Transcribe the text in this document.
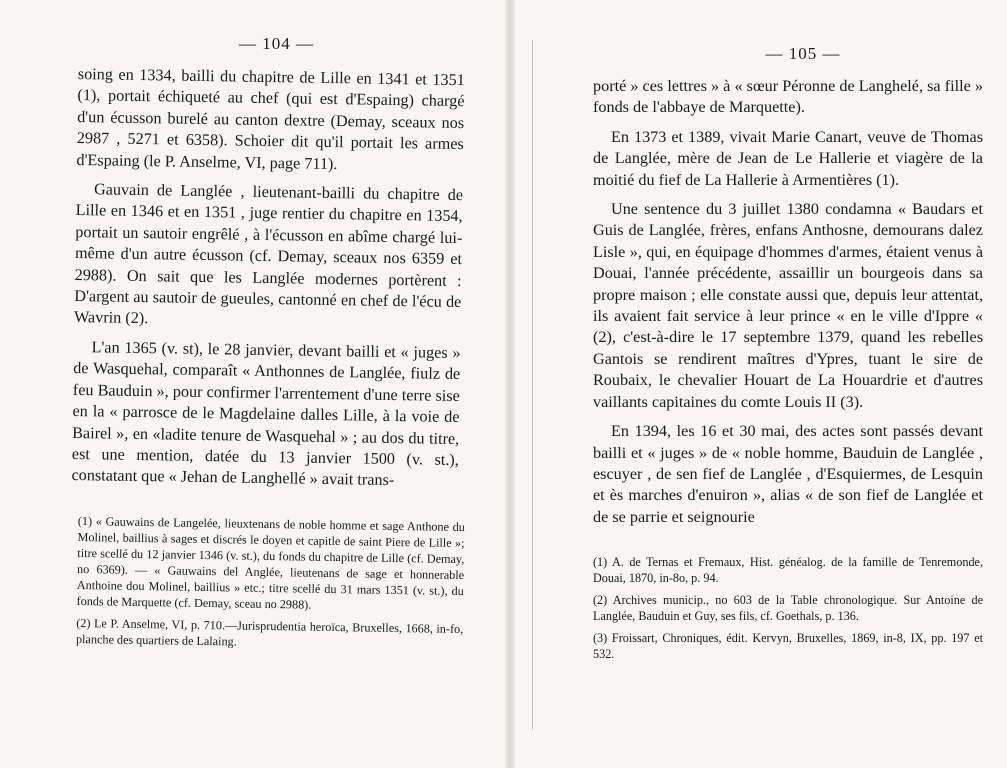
— 104 —

soing en 1334, bailli du chapitre de Lille en 1341 et 1351 (1), portait échiqueté au chef (qui est d'Espaing) chargé d'un écusson burelé au canton dextre (Demay, sceaux nos 2987 , 5271 et 6358). Schoier dit qu'il portait les armes d'Espaing (le P. Anselme, VI, page 711).

Gauvain de Langlée , lieutenant-bailli du chapitre de Lille en 1346 et en 1351 , juge rentier du chapitre en 1354, portait un sautoir engrêlé , à l'écusson en abîme chargé lui-même d'un autre écusson (cf. Demay, sceaux nos 6359 et 2988). On sait que les Langlée modernes portèrent : D'argent au sautoir de gueules, cantonné en chef de l'écu de Wavrin (2).

L'an 1365 (v. st), le 28 janvier, devant bailli et « juges » de Wasquehal, comparaît « Anthonnes de Langlée, fiulz de feu Bauduin », pour confirmer l'arrentement d'une terre sise en la « parrosce de le Magdelaine dalles Lille, à la voie de Bairel », en «ladite tenure de Wasquehal » ; au dos du titre, est une mention, datée du 13 janvier 1500 (v. st.), constatant que « Jehan de Langhellé » avait trans-

(1) « Gauwains de Langelée, lieuxtenans de noble homme et sage Anthone du Molinel, baillius à sages et discrés le doyen et capitle de saint Piere de Lille »; titre scellé du 12 janvier 1346 (v. st.), du fonds du chapitre de Lille (cf. Demay, no 6369). — « Gauwains del Anglée, lieutenans de sage et honnerable Anthoine dou Molinel, baillius » etc.; titre scellé du 31 mars 1351 (v. st.), du fonds de Marquette (cf. Demay, sceau no 2988).

(2) Le P. Anselme, VI, p. 710.—Jurisprudentia heroïca, Bruxelles, 1668, in-fo, planche des quartiers de Lalaing.

— 105 —

porté » ces lettres » à « sœur Péronne de Langhelé, sa fille » fonds de l'abbaye de Marquette).

En 1373 et 1389, vivait Marie Canart, veuve de Thomas de Langlée, mère de Jean de Le Hallerie et viagère de la moitié du fief de La Hallerie à Armentières (1).

Une sentence du 3 juillet 1380 condamna « Baudars et Guis de Langlée, frères, enfans Anthosne, demourans dalez Lisle », qui, en équipage d'hommes d'armes, étaient venus à Douai, l'année précédente, assaillir un bourgeois dans sa propre maison ; elle constate aussi que, depuis leur attentat, ils avaient fait service à leur prince « en le ville d'Ippre « (2), c'est-à-dire le 17 septembre 1379, quand les rebelles Gantois se rendirent maîtres d'Ypres, tuant le sire de Roubaix, le chevalier Houart de La Houardrie et d'autres vaillants capitaines du comte Louis II (3).

En 1394, les 16 et 30 mai, des actes sont passés devant bailli et « juges » de « noble homme, Bauduin de Langlée , escuyer , de sen fief de Langlée , d'Esquiermes, de Lesquin et ès marches d'enuiron », alias « de son fief de Langlée et de se parrie et seignourie

(1) A. de Ternas et Fremaux, Hist. généalog. de la famille de Tenremonde, Douai, 1870, in-8o, p. 94.

(2) Archives municip., no 603 de la Table chronologique. Sur Antoine de Langlée, Bauduin et Guy, ses fils, cf. Goethals, p. 136.

(3) Froissart, Chroniques, édit. Kervyn, Bruxelles, 1869, in-8, IX, pp. 197 et 532.
